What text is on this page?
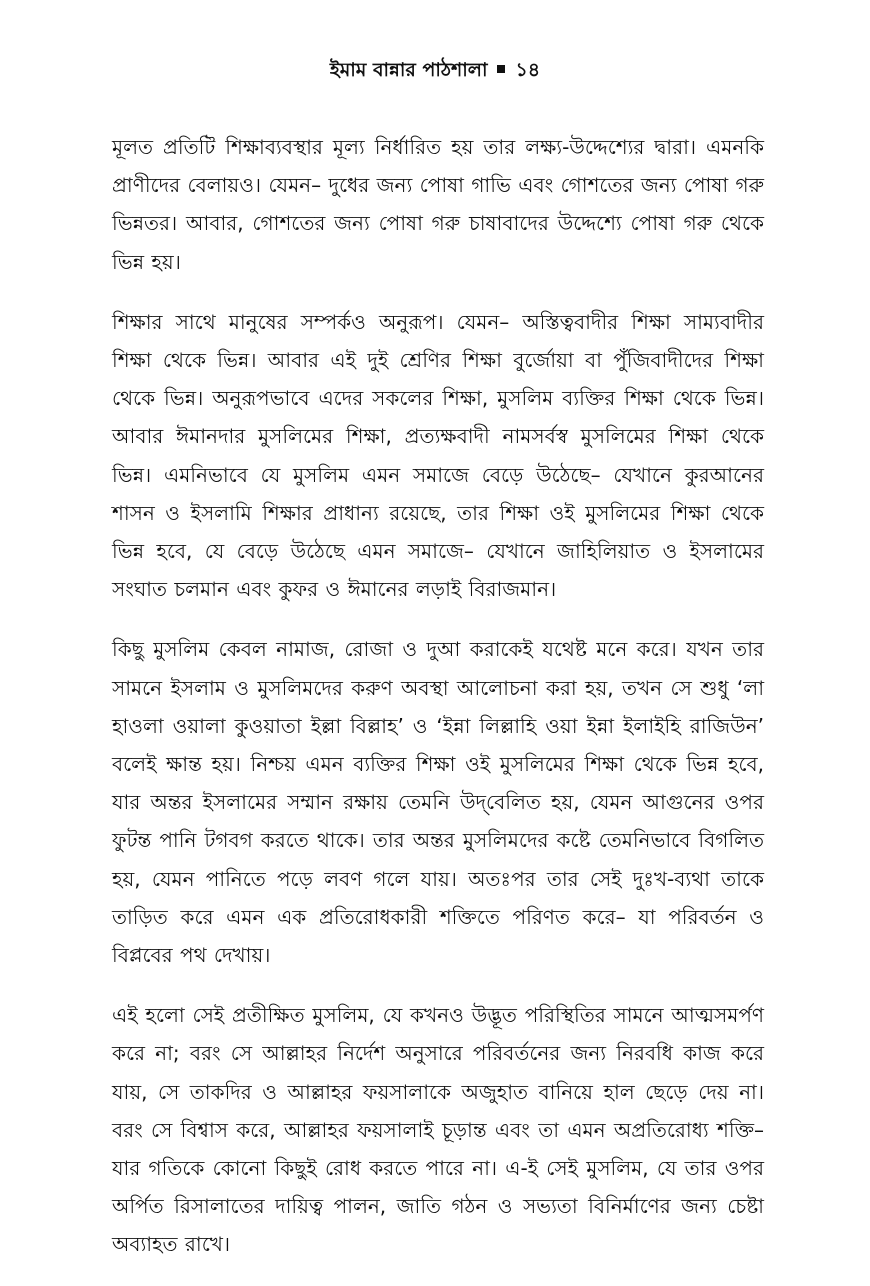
ইমাম বান্নার পাঠশালা ১৪

মূলত প্রতিটি শিক্ষাব্যবস্থার মূল্য নির্ধারিত হয় তার লক্ষ্য-উদ্দেশ্যের দ্বারা। এমনকি প্রাণীদের বেলায়ও। যেমন– দুধের জন্য পোষা গাভি এবং গোশতের জন্য পোষা গরু ভিন্নতর। আবার, গোশতের জন্য পোষা গরু চাষাবাদের উদ্দেশ্যে পোষা গরু থেকে ভিন্ন হয়।

শিক্ষার সাথে মানুষের সম্পর্কও অনুরূপ। যেমন– অস্তিত্ববাদীর শিক্ষা সাম্যবাদীর শিক্ষা থেকে ভিন্ন। আবার এই দুই শ্রেণির শিক্ষা বুর্জোয়া বা পুঁজিবাদীদের শিক্ষা থেকে ভিন্ন। অনুরূপভাবে এদের সকলের শিক্ষা, মুসলিম ব্যক্তির শিক্ষা থেকে ভিন্ন। আবার ঈমানদার মুসলিমের শিক্ষা, প্রত্যক্ষবাদী নামসর্বস্ব মুসলিমের শিক্ষা থেকে ভিন্ন। এমনিভাবে যে মুসলিম এমন সমাজে বেড়ে উঠেছে– যেখানে কুরআনের শাসন ও ইসলামি শিক্ষার প্রাধান্য রয়েছে, তার শিক্ষা ওই মুসলিমের শিক্ষা থেকে ভিন্ন হবে, যে বেড়ে উঠেছে এমন সমাজে– যেখানে জাহিলিয়াত ও ইসলামের সংঘাত চলমান এবং কুফর ও ঈমানের লড়াই বিরাজমান।

কিছু মুসলিম কেবল নামাজ, রোজা ও দুআ করাকেই যথেষ্ট মনে করে। যখন তার সামনে ইসলাম ও মুসলিমদের করুণ অবস্থা আলোচনা করা হয়, তখন সে শুধু ‘লা হাওলা ওয়ালা কুওয়াতা ইল্লা বিল্লাহ’ ও ‘ইন্না লিল্লাহি ওয়া ইন্না ইলাইহি রাজিউন’ বলেই ক্ষান্ত হয়। নিশ্চয় এমন ব্যক্তির শিক্ষা ওই মুসলিমের শিক্ষা থেকে ভিন্ন হবে, যার অন্তর ইসলামের সম্মান রক্ষায় তেমনি উদ্‌বেলিত হয়, যেমন আগুনের ওপর ফুটন্ত পানি টগবগ করতে থাকে। তার অন্তর মুসলিমদের কষ্টে তেমনিভাবে বিগলিত হয়, যেমন পানিতে পড়ে লবণ গলে যায়। অতঃপর তার সেই দুঃখ-ব্যথা তাকে তাড়িত করে এমন এক প্রতিরোধকারী শক্তিতে পরিণত করে– যা পরিবর্তন ও বিপ্লবের পথ দেখায়।

এই হলো সেই প্রতীক্ষিত মুসলিম, যে কখনও উদ্ভূত পরিস্থিতির সামনে আত্মসমর্পণ করে না; বরং সে আল্লাহর নির্দেশ অনুসারে পরিবর্তনের জন্য নিরবধি কাজ করে যায়, সে তাকদির ও আল্লাহর ফয়সালাকে অজুহাত বানিয়ে হাল ছেড়ে দেয় না। বরং সে বিশ্বাস করে, আল্লাহর ফয়সালাই চূড়ান্ত এবং তা এমন অপ্রতিরোধ্য শক্তি– যার গতিকে কোনো কিছুই রোধ করতে পারে না। এ-ই সেই মুসলিম, যে তার ওপর অর্পিত রিসালাতের দায়িত্ব পালন, জাতি গঠন ও সভ্যতা বিনির্মাণের জন্য চেষ্টা অব্যাহত রাখে।
